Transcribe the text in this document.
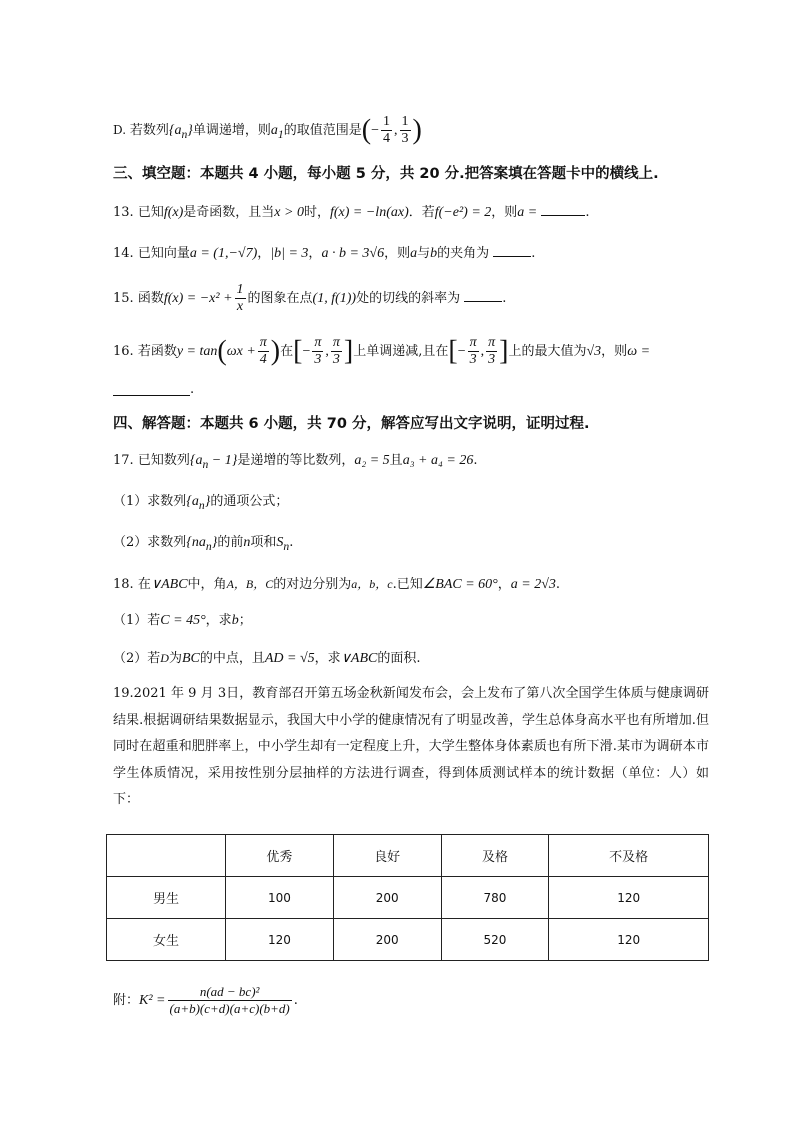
D. 若数列$\{a_n\}$单调递增，则$a_1$的取值范围是(− $\frac{1}{4}$ , $\frac{1}{3}$ )
三、填空题：本题共 4 小题，每小题 5 分，共 20 分.把答案填在答题卡中的横线上.
13. 已知f(x)是奇函数，且当x > 0时，f(x) = −ln(ax)．若f(−e²) = 2，则a =	.
14. 已知向量a = (1,−√7)，|b| = 3，a · b = 3√6，则a与b的夹角为	.
15. 函数$f(x) = -x^2 + \frac{1}{x}$ 的图象在点(1, f(1))处的切线的斜率为	.
16. 若函数$y = \tan(\omega x + \frac{\pi}{4}$ )在[− $\frac{\pi}{3}$ , $\frac{\pi}{3}$ ]上单调递减,且在[− $\frac{\pi}{3}$ , $\frac{\pi}{3}$ ]上的最大值为√3，则ω =
.
四、解答题：本题共 6 小题，共 70 分，解答应写出文字说明，证明过程.
17. 已知数列$\{a_n - 1\}$是递增的等比数列，a₂ = 5且a₃ + a₄ = 26.
（1）求数列$\{a_n\}$的通项公式；
（2）求数列$\{na_n\}$的前n项和$S_n$.
18. 在∨ABC中，角A，B，C的对边分别为a，b，c.已知∠BAC = 60°，a = 2√3.
（1）若C = 45°，求b；
（2）若D为BC的中点，且AD = √5，求∨ABC的面积.
19.2021 年 9 月 3日，教育部召开第五场金秋新闻发布会，会上发布了第八次全国学生体质与健康调研结果.根据调研结果数据显示，我国大中小学的健康情况有了明显改善，学生总体身高水平也有所增加.但同时在超重和肥胖率上，中小学生却有一定程度上升，大学生整体身体素质也有所下滑.某市为调研本市学生体质情况，采用按性别分层抽样的方法进行调查，得到体质测试样本的统计数据（单位：人）如下：
	优秀	良好	及格	不及格
男生	100	200	780	120
女生	120	200	520	120
附：$K^2 = \frac{\text{n(ad − bc)²}}{(a+b)(c+d)(a+c)(b+d)}$ .
